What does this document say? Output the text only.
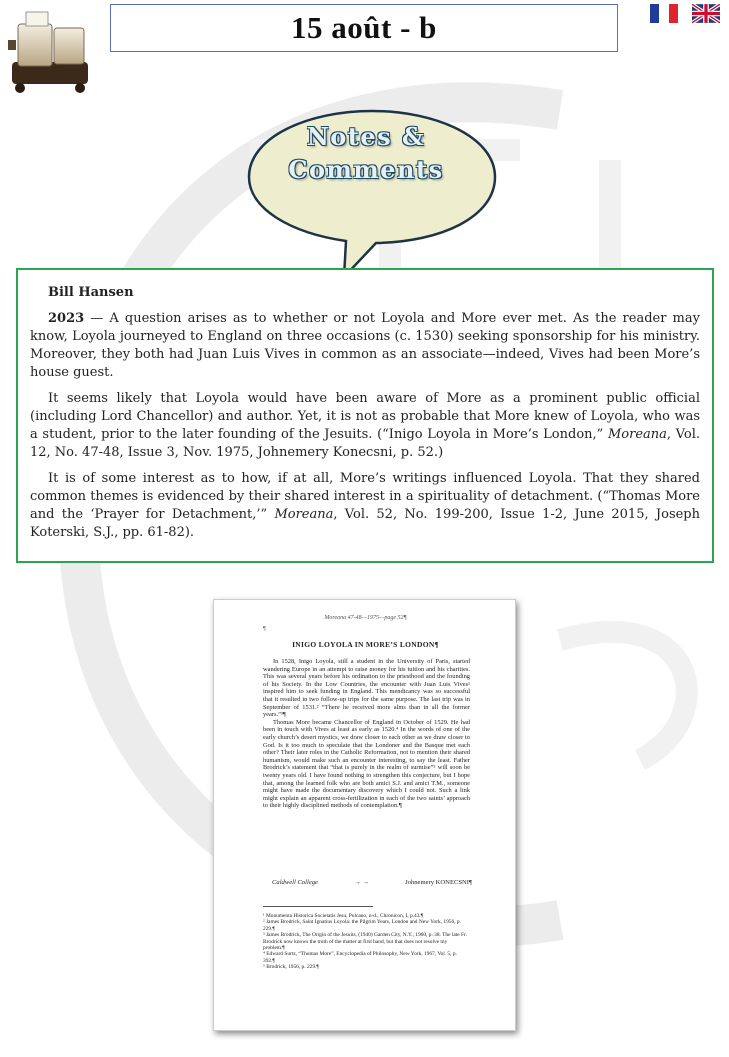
15 août - b
Notes &
Comments
Bill Hansen

2023 — A question arises as to whether or not Loyola and More ever met. As the reader may know, Loyola journeyed to England on three occasions (c. 1530) seeking sponsorship for his ministry. Moreover, they both had Juan Luis Vives in common as an associate—indeed, Vives had been More’s house guest.

It seems likely that Loyola would have been aware of More as a prominent public official (including Lord Chancellor) and author. Yet, it is not as probable that More knew of Loyola, who was a student, prior to the later founding of the Jesuits. (“Inigo Loyola in More’s London,” Moreana, Vol. 12, No. 47-48, Issue 3, Nov. 1975, Johnemery Konecsni, p. 52.)

It is of some interest as to how, if at all, More’s writings influenced Loyola. That they shared common themes is evidenced by their shared interest in a spirituality of detachment. (“Thomas More and the ‘Prayer for Detachment,’” Moreana, Vol. 52, No. 199-200, Issue 1-2, June 2015, Joseph Koterski, S.J., pp. 61-82).

Moreana 47-48—1975—page 52¶
¶
INIGO LOYOLA IN MORE’S LONDON¶

In 1528, Inigo Loyola, still a student in the University of Paris, started wandering Europe in an attempt to raise money for his tuition and his charities. This was several years before his ordination to the priesthood and the founding of his Society. In the Low Countries, the encounter with Juan Luis Vives¹ inspired him to seek funding in England. This mendicancy was so successful that it resulted in two follow-up trips for the same purpose. The last trip was in September of 1531.² “There he received more alms than in all the former years.”³¶

Thomas More became Chancellor of England in October of 1529. He had been in touch with Vives at least as early as 1520.⁴ In the words of one of the early church’s desert mystics, we draw closer to each other as we draw closer to God. Is it too much to speculate that the Londoner and the Basque met each other? Their later roles in the Catholic Reformation, not to mention their shared humanism, would make such an encounter interesting, to say the least. Father Brodrick’s statement that “that is purely in the realm of surmise”⁵ will soon be twenty years old. I have found nothing to strengthen this conjecture, but I hope that, among the learned folk who are both amici S.J. and amici T.M., someone might have made the documentary discovery which I could not. Such a link might explain an apparent cross-fertilization in each of the two saints’ approach to their highly disciplined methods of contemplation.¶

Caldwell College	→ →	Johnemery KONECSNI¶
¹ Monumenta Historica Societatis Jesu, Polcano, n-d., Chronicon, I, p.43.¶
² James Brodrick, Saint Ignatius Loyola: the Pilgrim Years, London and New York, 1956, p. 229.¶
³ James Brodrick, The Origin of the Jesuits, (1940) Garden City, N.Y., 1960, p. 38. The late Fr. Brodrick now knows the truth of the matter at first hand, but that does not resolve my problem.¶
⁴ Edward Surtz, “Thomas More”, Encyclopedia of Philosophy, New York, 1967, Vol. 5, p. 392.¶
⁵ Brodrick, 1956, p. 229.¶
